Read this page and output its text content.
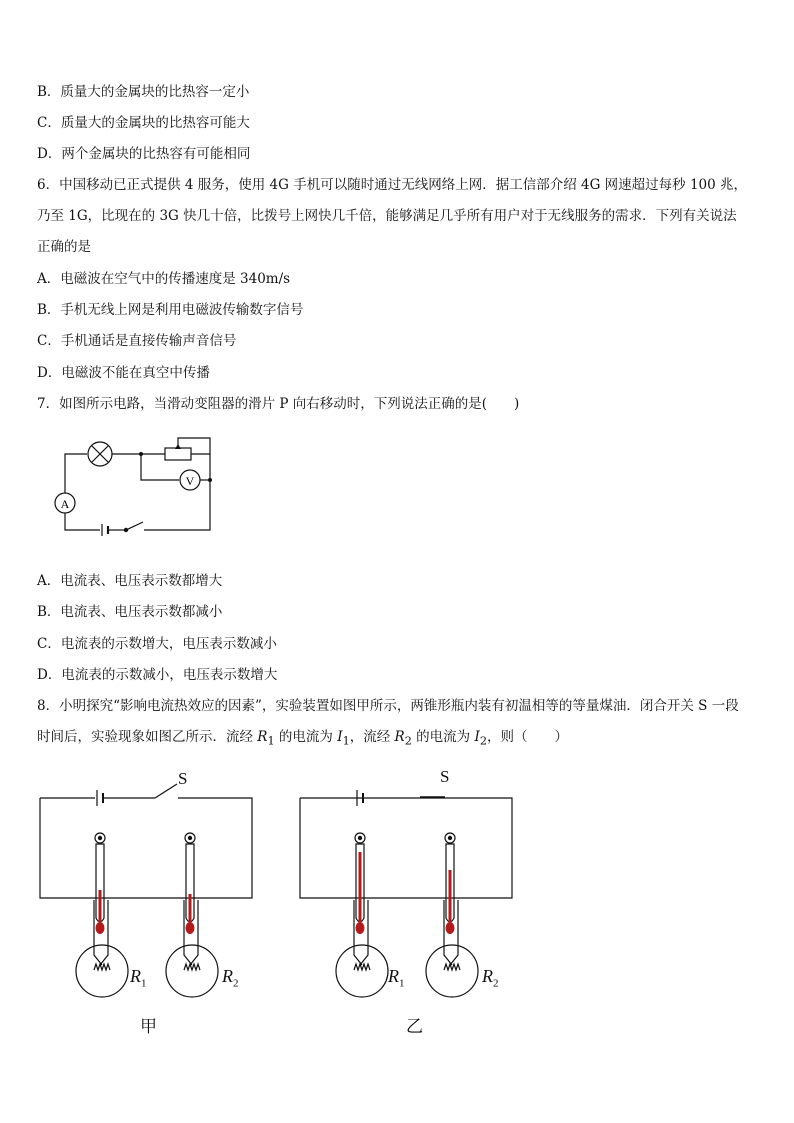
B．质量大的金属块的比热容一定小
C．质量大的金属块的比热容可能大
D．两个金属块的比热容有可能相同
6．中国移动已正式提供 4 服务，使用 4G 手机可以随时通过无线网络上网．据工信部介绍 4G 网速超过每秒 100 兆，
乃至 1G，比现在的 3G 快几十倍，比拨号上网快几千倍，能够满足几乎所有用户对于无线服务的需求．下列有关说法
正确的是
A．电磁波在空气中的传播速度是 340m/s
B．手机无线上网是利用电磁波传输数字信号
C．手机通话是直接传输声音信号
D．电磁波不能在真空中传播
7．如图所示电路，当滑动变阻器的滑片 P 向右移动时，下列说法正确的是(　　)
V
A
A．电流表、电压表示数都增大
B．电流表、电压表示数都减小
C．电流表的示数增大，电压表示数减小
D．电流表的示数减小，电压表示数增大
8．小明探究“影响电流热效应的因素”，实验装置如图甲所示，两锥形瓶内装有初温相等的等量煤油．闭合开关 S 一段
时间后，实验现象如图乙所示．流经 $R_1$ 的电流为 $I_1$，流经 $R_2$ 的电流为 $I_2$，则（　　）
S
$R_1$	$R_2$
甲
S
$R_1$	$R_2$
乙
